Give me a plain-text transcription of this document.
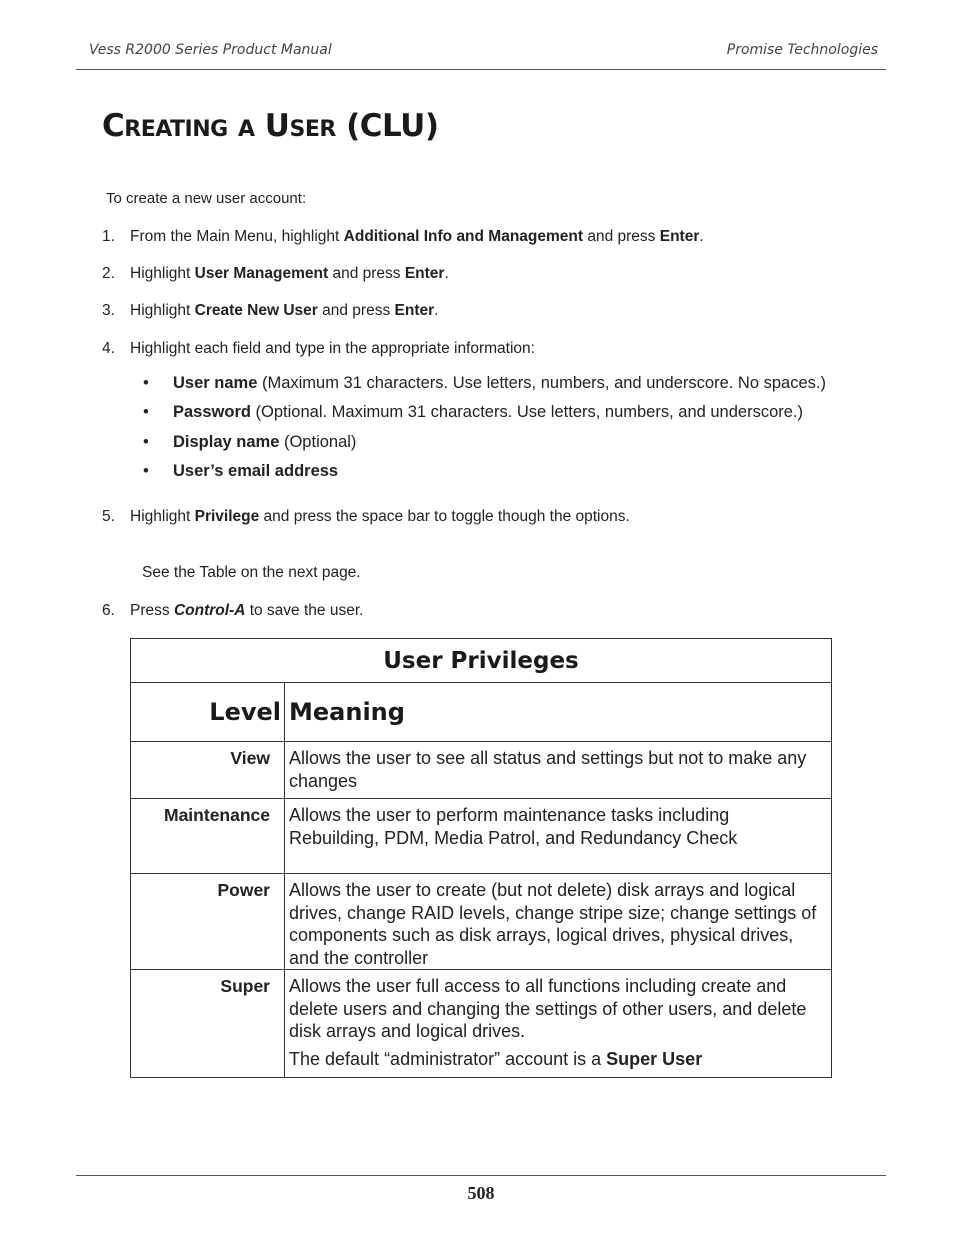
Vess R2000 Series Product Manual	Promise Technologies
Creating a User (CLU)
To create a new user account:
1. From the Main Menu, highlight Additional Info and Management and press Enter.
2. Highlight User Management and press Enter.
3. Highlight Create New User and press Enter.
4. Highlight each field and type in the appropriate information:
• User name (Maximum 31 characters. Use letters, numbers, and underscore. No spaces.)
• Password (Optional. Maximum 31 characters. Use letters, numbers, and underscore.)
• Display name (Optional)
• User’s email address
5. Highlight Privilege and press the space bar to toggle though the options.
See the Table on the next page.
6. Press Control-A to save the user.
User Privileges	
Level	Meaning
View	Allows the user to see all status and settings but not to make any changes

Maintenance	Allows the user to perform maintenance tasks including Rebuilding, PDM, Media Patrol, and Redundancy Check

Power	Allows the user to create (but not delete) disk arrays and logical drives, change RAID levels, change stripe size; change settings of components such as disk arrays, logical drives, physical drives, and the controller

Super	Allows the user full access to all functions including create and delete users and changing the settings of other users, and delete disk arrays and logical drives.

The default “administrator” account is a Super User

508
